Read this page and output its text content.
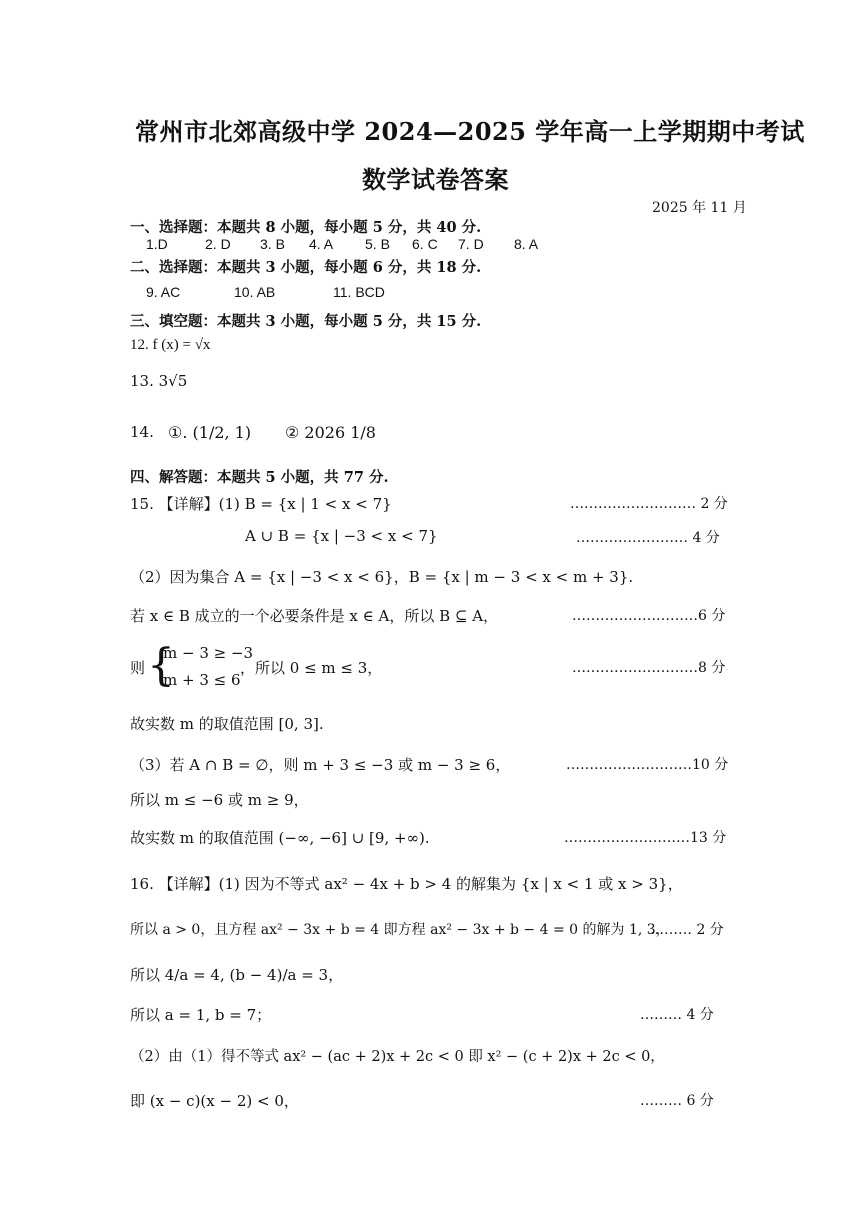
常州市北郊高级中学 2024—2025 学年高一上学期期中考试
数学试卷答案
2025 年 11 月
一、选择题：本题共 8 小题，每小题 5 分，共 40 分.
1.D	2. D 3. B 4. A 5. B 6. C 7. D 8. A
二、选择题：本题共 3 小题，每小题 6 分，共 18 分.
9. AC	10. AB	11. BCD
三、填空题：本题共 3 小题，每小题 5 分，共 15 分.
12. f (x) = √x
13. 3√5
14. ①. (1/2, 1) ② 2026 1/8
四、解答题：本题共 5 小题，共 77 分.
15. 【详解】(1) B = {x | 1 < x < 7}	……………………… 2 分
A ∪ B = {x | −3 < x < 7}	…………………… 4 分
（2）因为集合 A = {x | −3 < x < 6}，B = {x | m − 3 < x < m + 3}.
若 x ∈ B 成立的一个必要条件是 x ∈ A，所以 B ⊆ A，	………………………6 分
则 {
m − 3 ≥ −3
m + 3 ≤ 6
，所以 0 ≤ m ≤ 3，	………………………8 分
故实数 m 的取值范围 [0, 3].
（3）若 A ∩ B = ∅，则 m + 3 ≤ −3 或 m − 3 ≥ 6，	………………………10 分
所以 m ≤ −6 或 m ≥ 9，
故实数 m 的取值范围 (−∞, −6] ∪ [9, +∞).	………………………13 分
16. 【详解】(1) 因为不等式 ax² − 4x + b > 4 的解集为 {x | x < 1 或 x > 3}，
所以 a > 0，且方程 ax² − 3x + b = 4 即方程 ax² − 3x + b − 4 = 0 的解为 1, 3，
……… 2 分
所以 4/a = 4, (b − 4)/a = 3，
所以 a = 1, b = 7；	……… 4 分
（2）由（1）得不等式 ax² − (ac + 2)x + 2c < 0 即 x² − (c + 2)x + 2c < 0，
即 (x − c)(x − 2) < 0，	……… 6 分
